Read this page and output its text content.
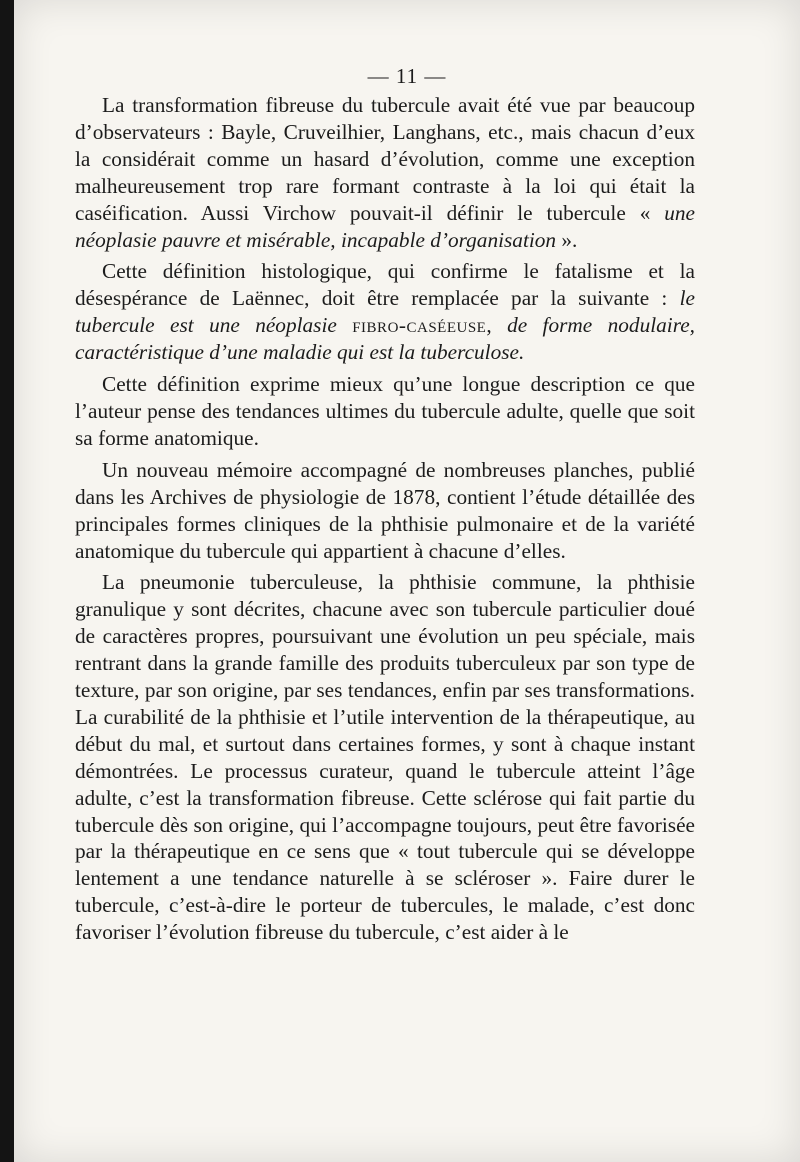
— 11 —

La transformation fibreuse du tubercule avait été vue par beaucoup d’observateurs : Bayle, Cruveilhier, Langhans, etc., mais chacun d’eux la considérait comme un hasard d’évolution, comme une exception malheureusement trop rare formant contraste à la loi qui était la caséification. Aussi Virchow pouvait-il définir le tubercule « une néoplasie pauvre et misérable, incapable d’organisation ».

Cette définition histologique, qui confirme le fatalisme et la désespérance de Laënnec, doit être remplacée par la suivante : le tubercule est une néoplasie fibro-caséeuse, de forme nodulaire, caractéristique d’une maladie qui est la tuberculose.

Cette définition exprime mieux qu’une longue description ce que l’auteur pense des tendances ultimes du tubercule adulte, quelle que soit sa forme anatomique.

Un nouveau mémoire accompagné de nombreuses planches, publié dans les Archives de physiologie de 1878, contient l’étude détaillée des principales formes cliniques de la phthisie pulmonaire et de la variété anatomique du tubercule qui appartient à chacune d’elles.

La pneumonie tuberculeuse, la phthisie commune, la phthisie granulique y sont décrites, chacune avec son tubercule particulier doué de caractères propres, poursuivant une évolution un peu spéciale, mais rentrant dans la grande famille des produits tuberculeux par son type de texture, par son origine, par ses tendances, enfin par ses transformations. La curabilité de la phthisie et l’utile intervention de la thérapeutique, au début du mal, et surtout dans certaines formes, y sont à chaque instant démontrées. Le processus curateur, quand le tubercule atteint l’âge adulte, c’est la transformation fibreuse. Cette sclérose qui fait partie du tubercule dès son origine, qui l’accompagne toujours, peut être favorisée par la thérapeutique en ce sens que « tout tubercule qui se développe lentement a une tendance naturelle à se scléroser ». Faire durer le tubercule, c’est-à-dire le porteur de tubercules, le malade, c’est donc favoriser l’évolution fibreuse du tubercule, c’est aider à le
